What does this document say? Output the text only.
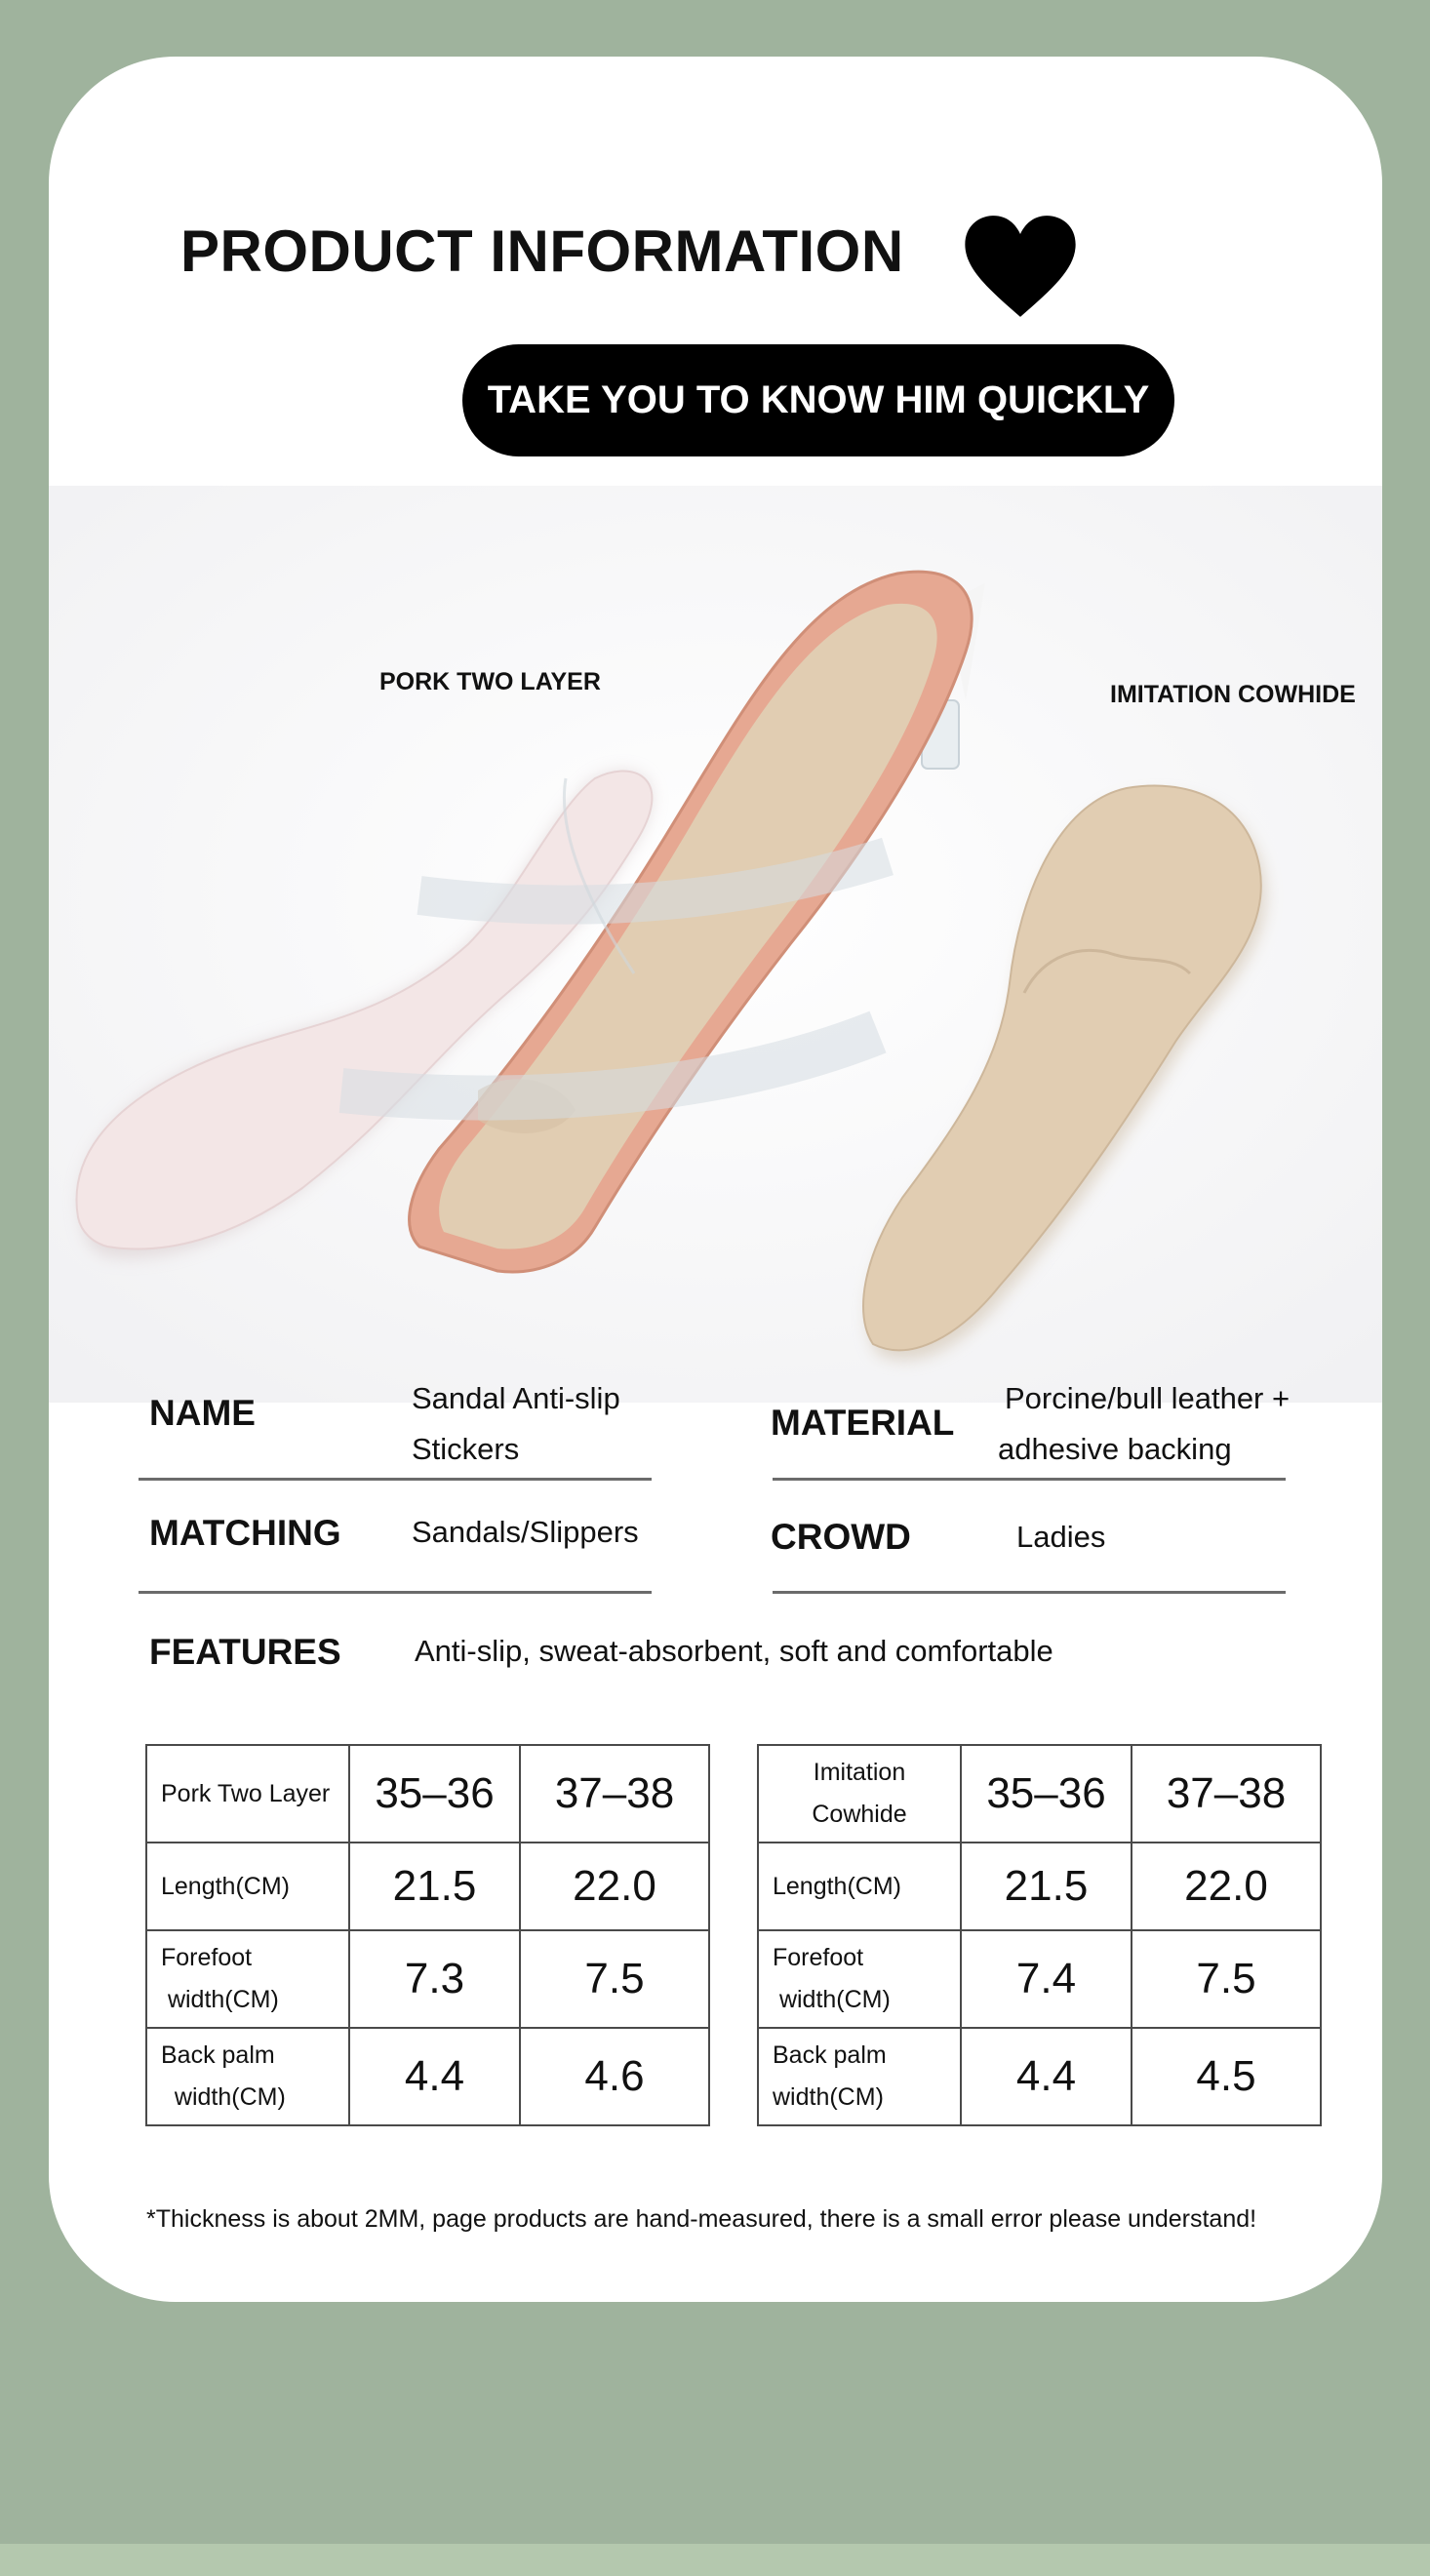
PRODUCT INFORMATION
TAKE YOU TO KNOW HIM QUICKLY
PORK TWO LAYER	IMITATION COWHIDE
NAME	Sandal Anti-slip
Stickers
MATERIAL
Porcine/bull leather +
adhesive backing
MATCHING Sandals/Slippers	CROWD	Ladies
FEATURES Anti-slip, sweat-absorbent, soft and comfortable
Pork Two Layer	35–36	37–38

Length(CM)	21.5	22.0

Forefoot
width(CM)	7.3	7.5

Back palm
width(CM)	4.4	4.6
Imitation
Cowhide	35–36	37–38

Length(CM)	21.5	22.0

Forefoot
width(CM)	7.4	7.5

Back palm
width(CM)	4.4	4.5
*Thickness is about 2MM, page products are hand-measured, there is a small error please understand!
